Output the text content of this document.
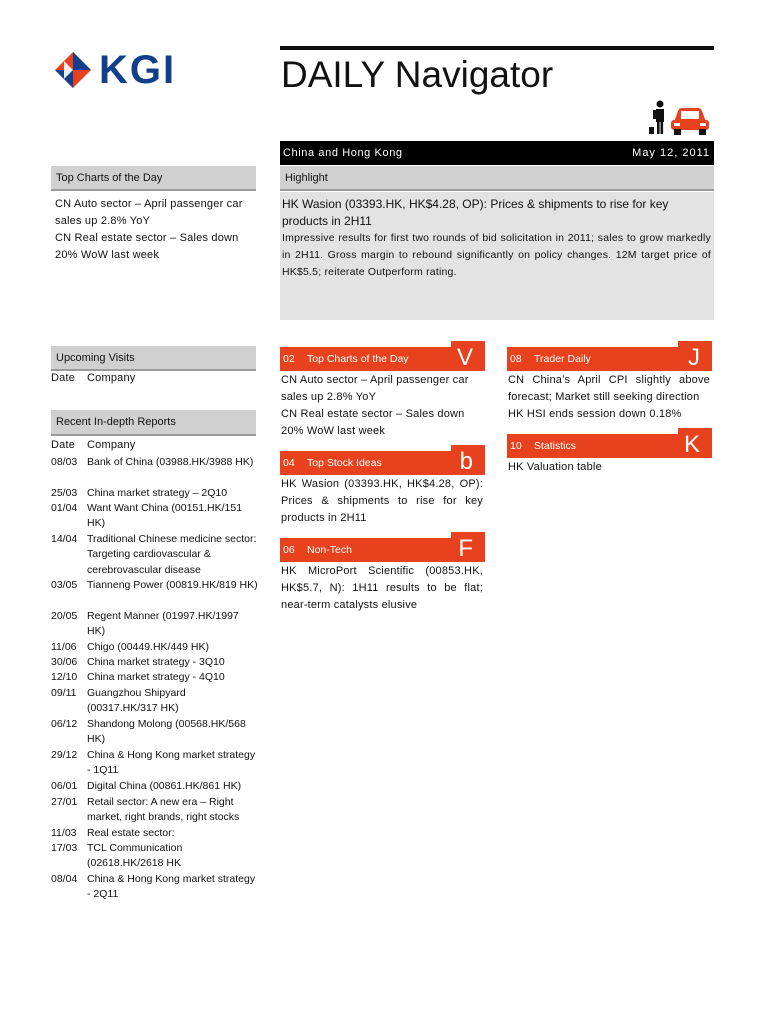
KGI	DAILY Navigator
China and Hong Kong	May 12, 2011
Top Charts of the Day
CN Auto sector – April passenger car sales up 2.8% YoY
CN Real estate sector – Sales down 20% WoW last week
Highlight
HK Wasion (03393.HK, HK$4.28, OP): Prices & shipments to rise for key products in 2H11
Impressive results for first two rounds of bid solicitation in 2011; sales to grow markedly in 2H11. Gross margin to rebound significantly on policy changes. 12M target price of HK$5.5; reiterate Outperform rating.
Upcoming Visits
Date Company
Recent In-depth Reports
Date Company
08/03 Bank of China (03988.HK/3988 HK)
25/03 China market strategy – 2Q10
01/04 Want Want China (00151.HK/151 HK)
14/04 Traditional Chinese medicine sector: Targeting cardiovascular & cerebrovascular disease
03/05 Tianneng Power (00819.HK/819 HK)
20/05 Regent Manner (01997.HK/1997 HK)
11/06	Chigo (00449.HK/449 HK)
30/06 China market strategy - 3Q10
12/10 China market strategy - 4Q10
09/11	Guangzhou Shipyard (00317.HK/317 HK)
06/12 Shandong Molong (00568.HK/568 HK)
29/12 China & Hong Kong market strategy - 1Q11
06/01 Digital China (00861.HK/861 HK)
27/01 Retail sector: A new era – Right market, right brands, right stocks
11/03	Real estate sector:
17/03 TCL Communication (02618.HK/2618 HK
08/04 China & Hong Kong market strategy - 2Q11
02 Top Charts of the Day V
CN Auto sector – April passenger car sales up 2.8% YoY
CN Real estate sector – Sales down 20% WoW last week
04 Top Stock Ideas	b
HK Wasion (03393.HK, HK$4.28, OP): Prices & shipments to rise for key products in 2H11
06 Non-Tech	F
HK MicroPort Scientific (00853.HK, HK$5.7, N): 1H11 results to be flat; near-term catalysts elusive
08 Trader Daily	J
CN China’s April CPI slightly above forecast; Market still seeking direction
HK HSI ends session down 0.18%
10 Statistics	K
HK Valuation table
